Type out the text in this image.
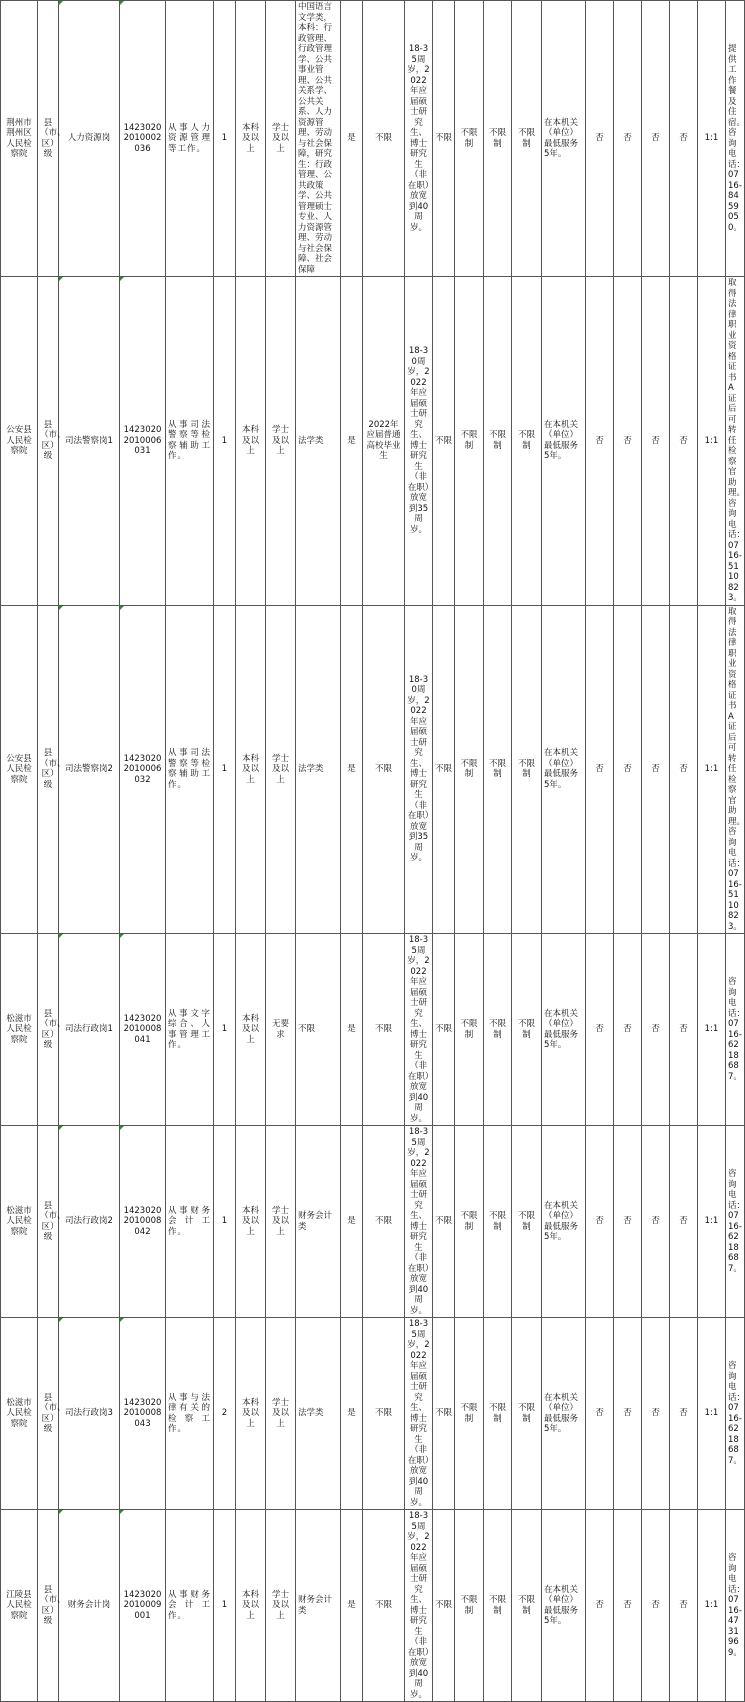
荆州市荆州区人民检察院	县（市、区）级	人力资源岗	14230202010002036	从事人力资源管理等工作。	1	本科及以上	学士及以上	中国语言文学类，本科：行政管理、行政管理学、公共事业管理、公共关系学、公共关系、人力资源管理、劳动与社会保障，研究生：行政管理、公共政策学、公共管理硕士专业、人力资源管理、劳动与社会保障、社会保障	是	不限	18-35周岁，2022年应届硕士研究生、博士研究生（非在职）放宽到40周岁。	不限	不限制	不限制	不限制	在本机关（单位）最低服务5年。	否	否	否	否	1:1	提供工作餐及住宿。咨询电话：0716-8459050。
公安县人民检察院	县（市、区）级	司法警察岗1	14230202010006031	从事司法警察等检察辅助工作。	1	本科及以上	学士及以上	法学类	是	2022年应届普通高校毕业生	18-30周岁，2022年应届硕士研究生、博士研究生（非在职）放宽到35周岁。	不限	不限制	不限制	不限制	在本机关（单位）最低服务5年。	否	否	否	否	1:1	取得法律职业资格证书A证后可转任检察官助理。咨询电话：0716-5110823。
公安县人民检察院	县（市、区）级	司法警察岗2	14230202010006032	从事司法警察等检察辅助工作。	1	本科及以上	学士及以上	法学类	是	不限	18-30周岁，2022年应届硕士研究生、博士研究生（非在职）放宽到35周岁。	不限	不限制	不限制	不限制	在本机关（单位）最低服务5年。	否	否	否	否	1:1	取得法律职业资格证书A证后可转任检察官助理。咨询电话：0716-5110823。
松滋市人民检察院	县（市、区）级	司法行政岗1	14230202010008041	从事文字综合、人事管理工作。	1	本科及以上	无要求	不限	是	不限	18-35周岁，2022年应届硕士研究生、博士研究生（非在职）放宽到40周岁。	不限	不限制	不限制	不限制	在本机关（单位）最低服务5年。	否	否	否	否	1:1	咨询电话：0716-6218687。
松滋市人民检察院	县（市、区）级	司法行政岗2	14230202010008042	从事财务会计工作。	1	本科及以上	学士及以上	财务会计类	是	不限	18-35周岁，2022年应届硕士研究生、博士研究生（非在职）放宽到40周岁。	不限	不限制	不限制	不限制	在本机关（单位）最低服务5年。	否	否	否	否	1:1	咨询电话：0716-6218687。
松滋市人民检察院	县（市、区）级	司法行政岗3	14230202010008043	从事与法律有关的检察工作。	2	本科及以上	学士及以上	法学类	是	不限	18-35周岁，2022年应届硕士研究生、博士研究生（非在职）放宽到40周岁。	不限	不限制	不限制	不限制	在本机关（单位）最低服务5年。	否	否	否	否	1:1	咨询电话：0716-6218687。
江陵县人民检察院	县（市、区）级	财务会计岗	14230202010009001	从事财务会计工作。	1	本科及以上	学士及以上	财务会计类	是	不限	18-35周岁，2022年应届硕士研究生、博士研究生（非在职）放宽到40周岁。	不限	不限制	不限制	不限制	在本机关（单位）最低服务5年。	否	否	否	否	1:1	咨询电话：0716-4731969。
